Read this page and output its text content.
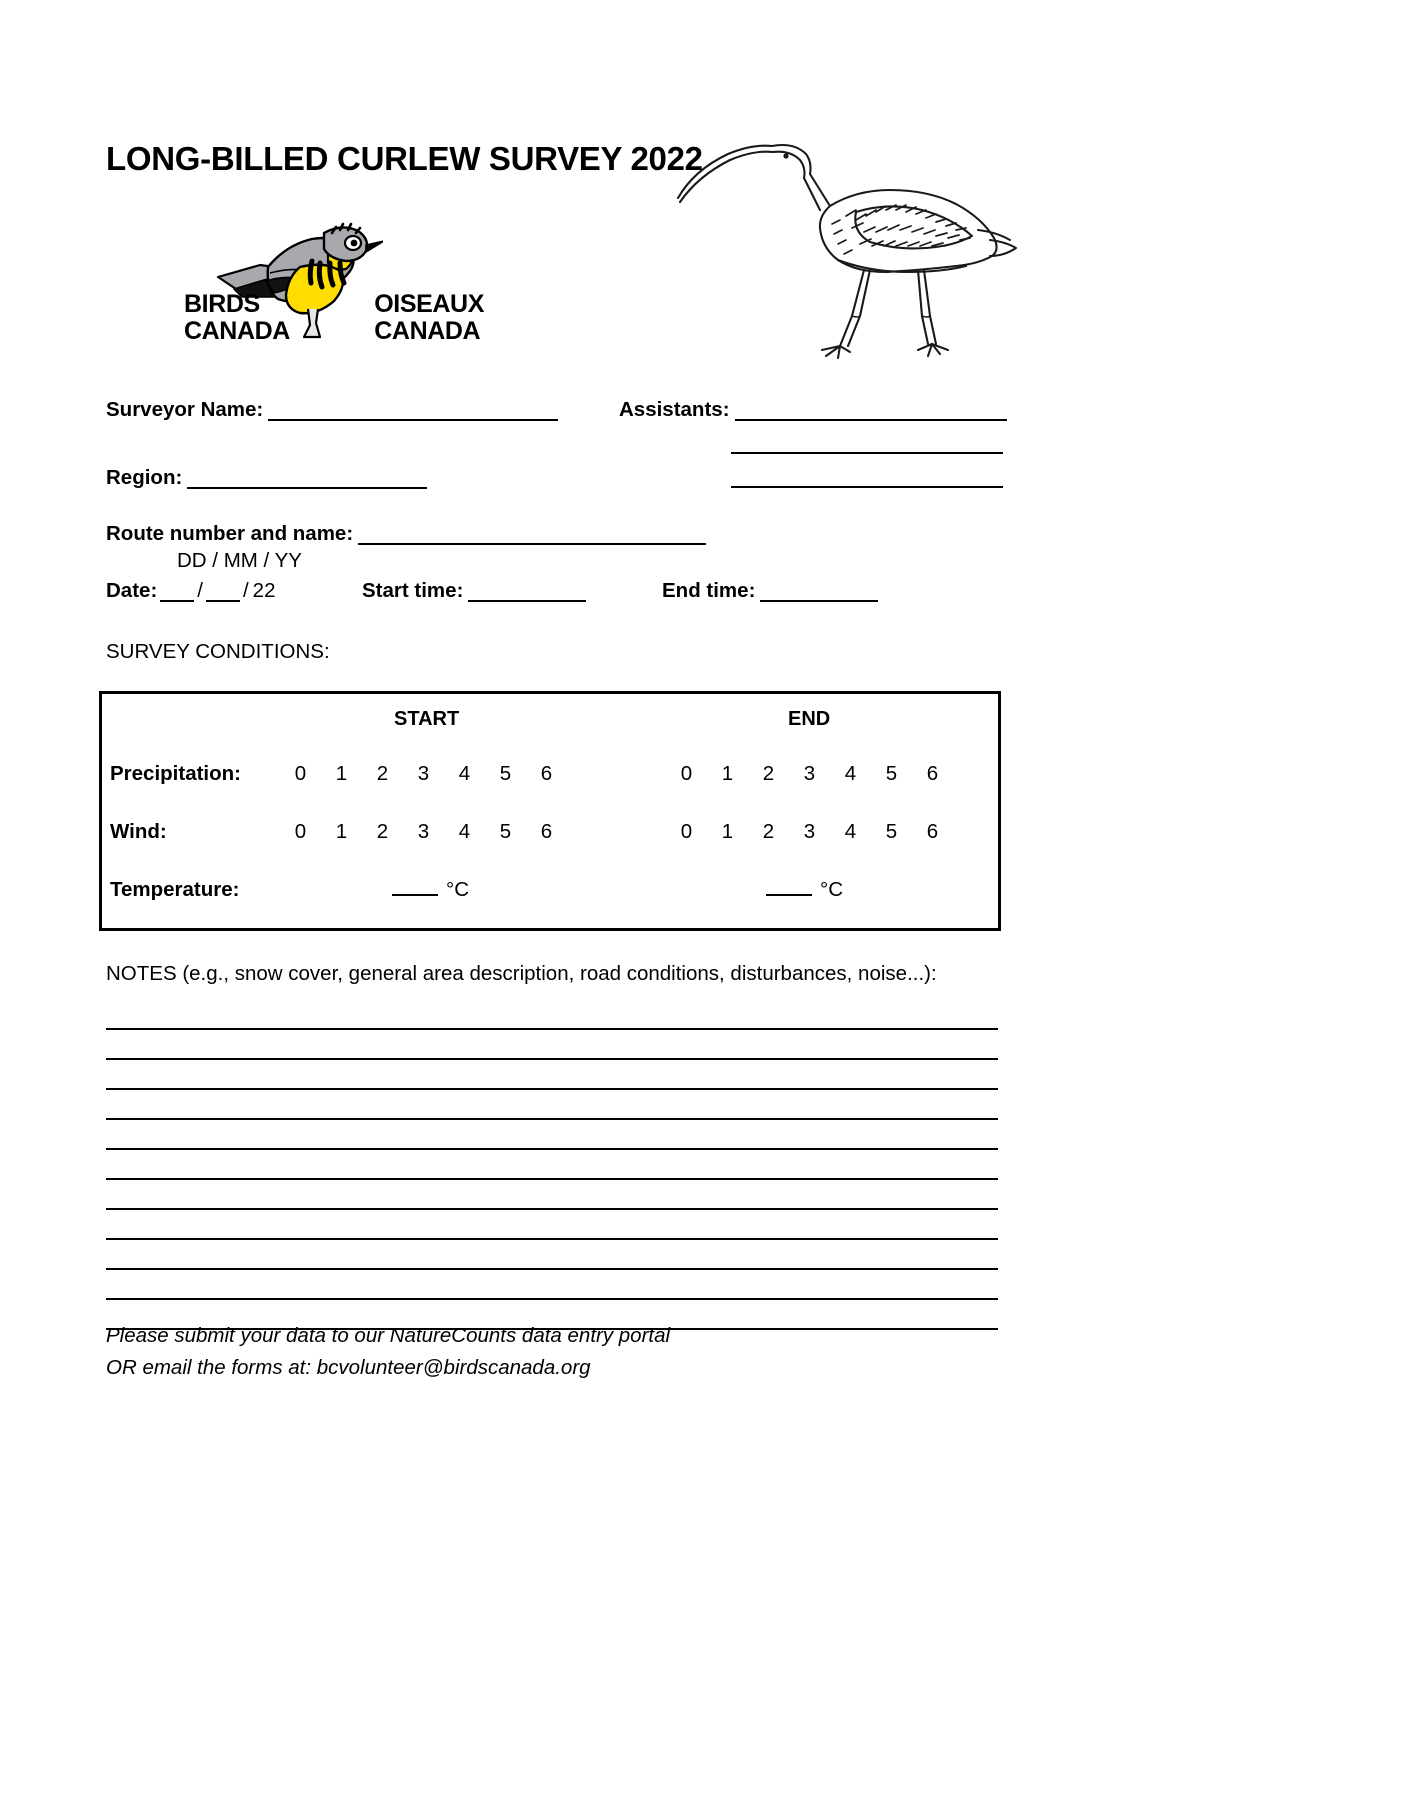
LONG-BILLED CURLEW SURVEY 2022
BIRDS
CANADA
OISEAUX
CANADA
Surveyor Name:	Assistants:
Region:
Route number and name:
DD / MM / YY
Date: / / 22	Start time:	End time:
SURVEY CONDITIONS:
START	END
Precipitation:	0	1	2	3	4	5	6	0	1	2	3	4	5	6
Wind:	0	1	2	3	4	5	6	0	1	2	3	4	5	6
Temperature:	°C	°C
NOTES (e.g., snow cover, general area description, road conditions, disturbances, noise...):
Please submit your data to our NatureCounts data entry portal
OR email the forms at: bcvolunteer@birdscanada.org
